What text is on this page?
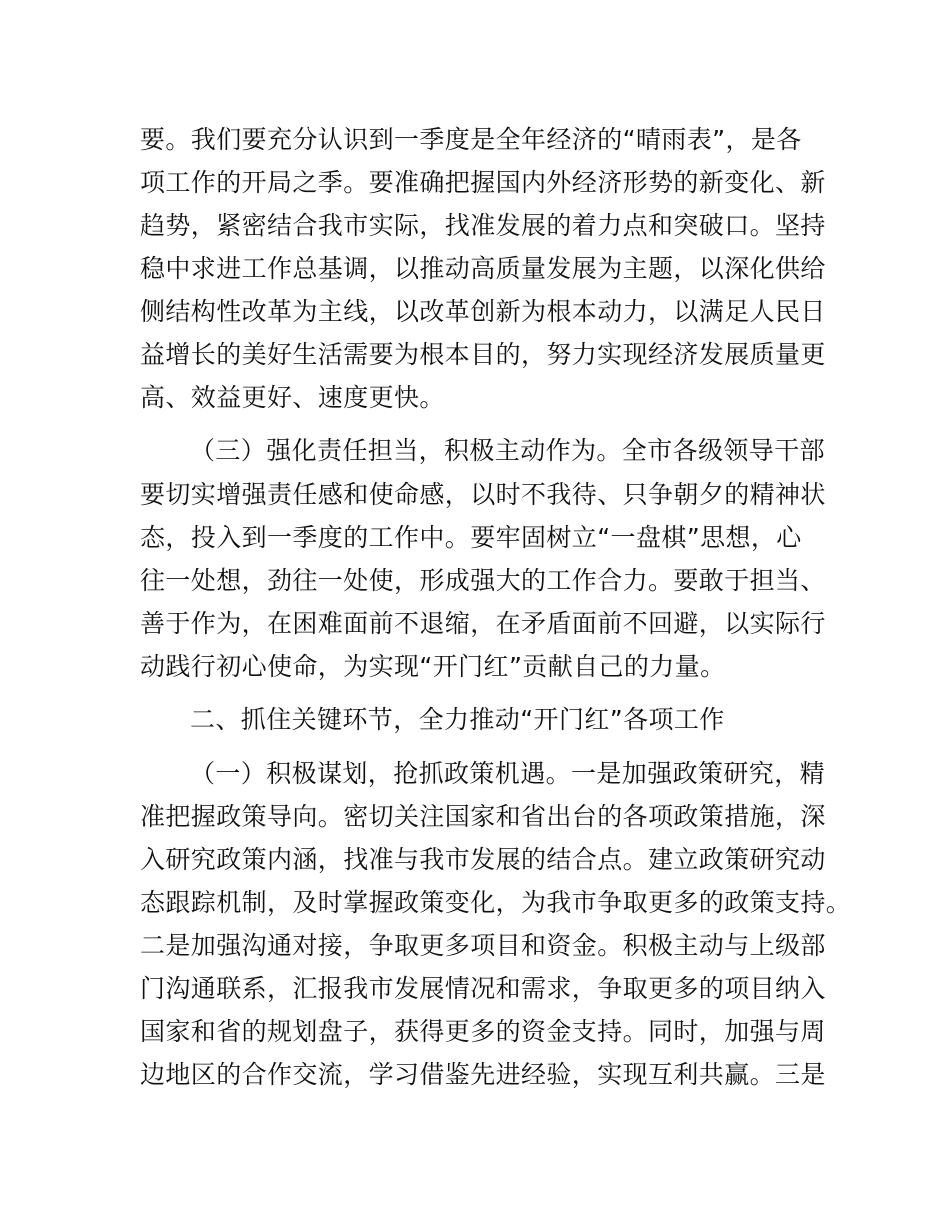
要。我们要充分认识到一季度是全年经济的“晴雨表”，是各
项工作的开局之季。要准确把握国内外经济形势的新变化、新
趋势，紧密结合我市实际，找准发展的着力点和突破口。坚持
稳中求进工作总基调，以推动高质量发展为主题，以深化供给
侧结构性改革为主线，以改革创新为根本动力，以满足人民日
益增长的美好生活需要为根本目的，努力实现经济发展质量更
高、效益更好、速度更快。
（三）强化责任担当，积极主动作为。全市各级领导干部
要切实增强责任感和使命感，以时不我待、只争朝夕的精神状
态，投入到一季度的工作中。要牢固树立“一盘棋”思想，心
往一处想，劲往一处使，形成强大的工作合力。要敢于担当、
善于作为，在困难面前不退缩，在矛盾面前不回避，以实际行
动践行初心使命，为实现“开门红”贡献自己的力量。
二、抓住关键环节，全力推动“开门红”各项工作
（一）积极谋划，抢抓政策机遇。一是加强政策研究，精
准把握政策导向。密切关注国家和省出台的各项政策措施，深
入研究政策内涵，找准与我市发展的结合点。建立政策研究动
态跟踪机制，及时掌握政策变化，为我市争取更多的政策支持。
二是加强沟通对接，争取更多项目和资金。积极主动与上级部
门沟通联系，汇报我市发展情况和需求，争取更多的项目纳入
国家和省的规划盘子，获得更多的资金支持。同时，加强与周
边地区的合作交流，学习借鉴先进经验，实现互利共赢。三是
